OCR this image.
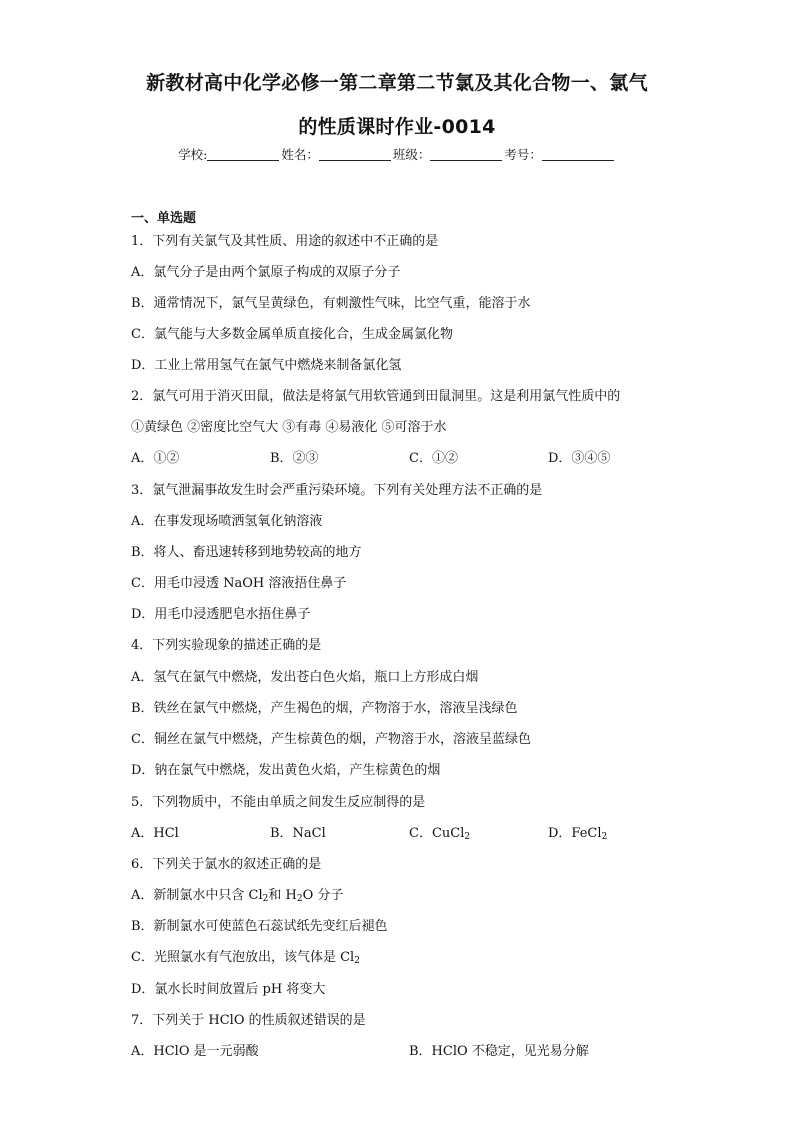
新教材高中化学必修一第二章第二节氯及其化合物一、氯气
的性质课时作业-0014
学校:	姓名：	班级：	考号：
一、单选题
1．下列有关氯气及其性质、用途的叙述中不正确的是
A．氯气分子是由两个氯原子构成的双原子分子
B．通常情况下，氯气呈黄绿色，有刺激性气味，比空气重，能溶于水
C．氯气能与大多数金属单质直接化合，生成金属氯化物
D．工业上常用氢气在氯气中燃烧来制备氯化氢
2．氯气可用于消灭田鼠，做法是将氯气用软管通到田鼠洞里。这是利用氯气性质中的
①黄绿色 ②密度比空气大 ③有毒 ④易液化 ⑤可溶于水
A．①②	B．②③	C．①②	D．③④⑤
3．氯气泄漏事故发生时会严重污染环境。下列有关处理方法不正确的是
A．在事发现场喷洒氢氧化钠溶液
B．将人、畜迅速转移到地势较高的地方
C．用毛巾浸透 NaOH 溶液捂住鼻子
D．用毛巾浸透肥皂水捂住鼻子
4．下列实验现象的描述正确的是
A．氢气在氯气中燃烧，发出苍白色火焰，瓶口上方形成白烟
B．铁丝在氯气中燃烧，产生褐色的烟，产物溶于水，溶液呈浅绿色
C．铜丝在氯气中燃烧，产生棕黄色的烟，产物溶于水，溶液呈蓝绿色
D．钠在氯气中燃烧，发出黄色火焰，产生棕黄色的烟
5．下列物质中，不能由单质之间发生反应制得的是
A．HCl	B．NaCl	C．CuCl$_2$	D．FeCl$_2$
6．下列关于氯水的叙述正确的是
A．新制氯水中只含 $Cl_2$和 $H_2O$ 分子
B．新制氯水可使蓝色石蕊试纸先变红后褪色
C．光照氯水有气泡放出，该气体是 $Cl_2$
D．氯水长时间放置后 pH 将变大
7．下列关于 HClO 的性质叙述错误的是
A．HClO 是一元弱酸	B．HClO 不稳定，见光易分解
